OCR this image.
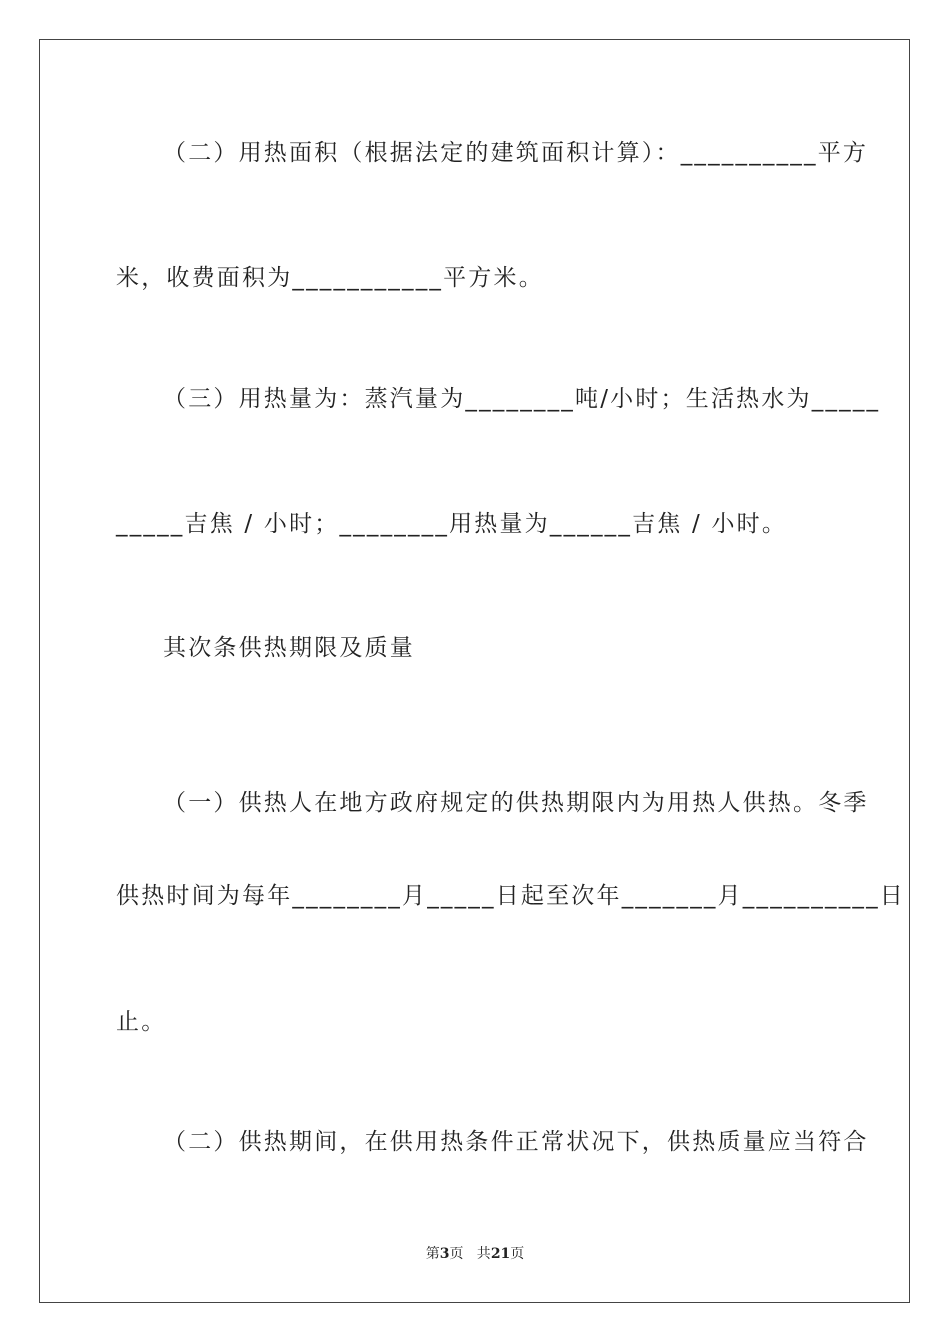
（二）用热面积（根据法定的建筑面积计算）：__________平方
米，收费面积为___________平方米。
（三）用热量为：蒸汽量为________吨/小时；生活热水为_____
_____吉焦 / 小时；________用热量为______吉焦 / 小时。
其次条供热期限及质量
（一）供热人在地方政府规定的供热期限内为用热人供热。冬季
供热时间为每年________月_____日起至次年_______月__________日
止。
（二）供热期间，在供用热条件正常状况下，供热质量应当符合
第3页   共21页
